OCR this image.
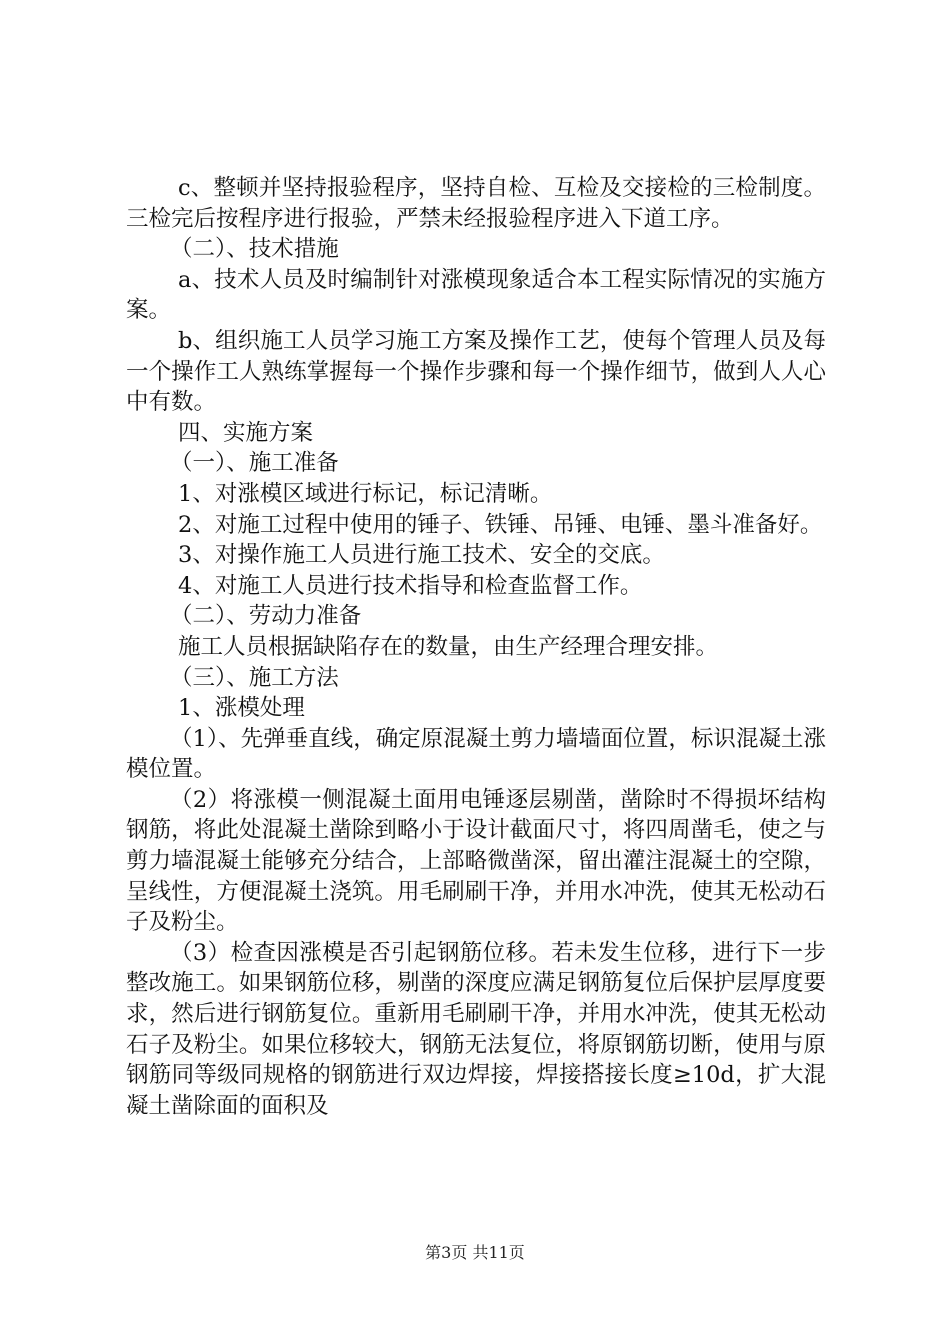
c、整顿并坚持报验程序，坚持自检、互检及交接检的三检制度。三检完后按程序进行报验，严禁未经报验程序进入下道工序。

（二）、技术措施

a、技术人员及时编制针对涨模现象适合本工程实际情况的实施方案。

b、组织施工人员学习施工方案及操作工艺，使每个管理人员及每一个操作工人熟练掌握每一个操作步骤和每一个操作细节，做到人人心中有数。

四、实施方案

（一）、施工准备

1、对涨模区域进行标记，标记清晰。

2、对施工过程中使用的锤子、铁锤、吊锤、电锤、墨斗准备好。

3、对操作施工人员进行施工技术、安全的交底。

4、对施工人员进行技术指导和检查监督工作。

（二）、劳动力准备

施工人员根据缺陷存在的数量，由生产经理合理安排。

（三）、施工方法

1、涨模处理

（1）、先弹垂直线，确定原混凝土剪力墙墙面位置，标识混凝土涨模位置。

（2）将涨模一侧混凝土面用电锤逐层剔凿，凿除时不得损坏结构钢筋，将此处混凝土凿除到略小于设计截面尺寸，将四周凿毛，使之与剪力墙混凝土能够充分结合，上部略微凿深，留出灌注混凝土的空隙，呈线性，方便混凝土浇筑。用毛刷刷干净，并用水冲洗，使其无松动石子及粉尘。

（3）检查因涨模是否引起钢筋位移。若未发生位移，进行下一步整改施工。如果钢筋位移，剔凿的深度应满足钢筋复位后保护层厚度要求，然后进行钢筋复位。重新用毛刷刷干净，并用水冲洗，使其无松动石子及粉尘。如果位移较大，钢筋无法复位，将原钢筋切断，使用与原钢筋同等级同规格的钢筋进行双边焊接，焊接搭接长度≥10d，扩大混凝土凿除面的面积及

第3页 共11页
